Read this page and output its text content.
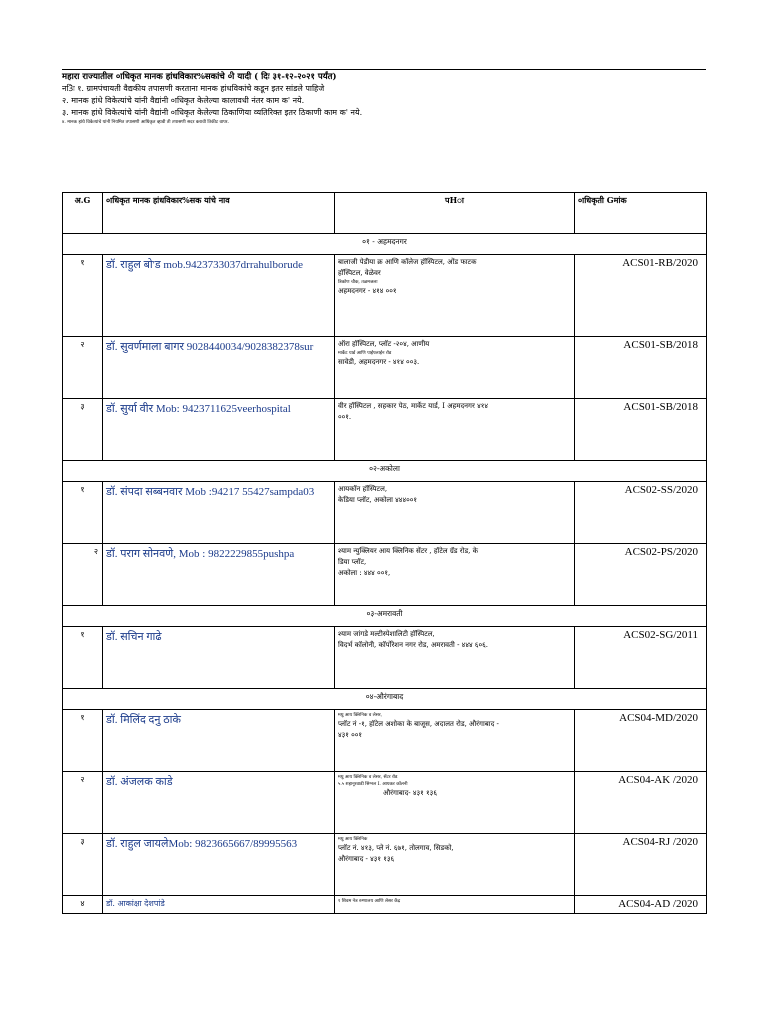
महारा राज्यातील ०ाधिकृत मानक हांधविकार%सकांचे ०ी यादी ( दिः ३१-१२-२०२१ पर्यंत)
न3िः १. ग्रामपंचायती वैद्यकीय तपासणी करताना मानक हांधविकांचे कडून इतर सांडले पाहिजे
२. मानक हांधे विकेत्यांचे यांनी वैद्यांनी ०ाधिकृत केलेल्या कालावधी नंतर काम क' नये.
३. मानक हांधे विकेत्यांचे यांनी वैद्यांनी ०ाधिकृत केलेल्या ठिकाणिया व्यतिरिक्त इतर ठिकाणी काम क' नये.
४. मानक हांधे विकेत्यांचे यांनी नियमित तपासणी आधिकृत व्हावी ती तपासणी सदर करावी तिकीट वापर.
अ.G	०ाधिकृत मानक हांधविकार%सक यांचे नाव	पHा	०ाधिकृती Gमांक
०१ - अहमदनगर			
१	डॉ. राहुल बो'ड mob.9423733037drrahulborude	बालाजी पेडीया क्र आणि कॉलेज हॉस्पिटल, ओंड फाटक
हॉस्पिटल, वेळेवर
त्रिकोण चौक, तळमजला
अहमदनगर - ४१४ ००१	ACS01-RB/2020
२	डॉ. सुवर्णमाला बागर 9028440034/9028382378sur	ऑरा हॉस्पिटल, प्लॉट -२०४, आणीय
मार्केट यार्ड आणि पाईपलाईन रोड
सावेडी, अहमदनगर - ४१४ ००३.	ACS01-SB/2018
३	डॉ. सुर्या वीर Mob: 9423711625veerhospital	वीर हॉस्पिटल , सहकार पेठ, मार्केट यार्ड, I अहमदनगर ४१४
००१.	ACS01-SB/2018
०२-अकोला			
१	डॉ. संपदा सब्बनवार Mob :94217 55427sampda03	आयकॉन हॉस्पिटल,
केडिया प्लॉट, अकोला ४४४००१	ACS02-SS/2020
२	डॉ. पराग सोनवणे, Mob : 9822229855pushpa	श्याम न्युक्लियर आय क्लिनिक सेंटर , हॉटेल ग्रॅड रोड, के
डिया प्लॉट,
अकोला : ४४४ ००१,	ACS02-PS/2020
०३-अमरावती			
१	डॉ. सचिन गाढे	श्याम जांगडे मल्टीस्पेशालिटी हॉस्पिटल,
विदर्भ कॉलोनी, कॉर्पोरेशन नगर रोड, अमरावती - ४४४ ६०६.	ACS02-SG/2011
०४-औरंगाबाद			
१	डॉ. मिलिंद दनु ठाके	मधु आय क्लिनिक व लेसर,
प्लॉट नं -१, हॉटेल अशोका के बाजूस, अदालत रोड, औरंगाबाद -
४३१ ००१	ACS04-MD/2020
२	डॉ. अंजलक काडे	मधु आय क्लिनिक व लेसर, सेंटर रोड
५.५ शहानूरवाडी सिग्नल I. आयकर कॉलनी
औरंगाबाद- ४३१ १३६	ACS04-AK /2020
३	डॉ. राहुल जायलेMob: 9823665667/89995563	मधु आय क्लिनिक
प्लॉट नं. ४१३, प्ले नं. ६७१, तोलगाव, सिडको,
औरंगाबाद - ४३१ १३६	ACS04-RJ /2020
४	डॉ. आकांक्षा देशपांडे	१ शिवम नेत्र रुग्णालय आणि लेसर केंद्र	ACS04-AD /2020
